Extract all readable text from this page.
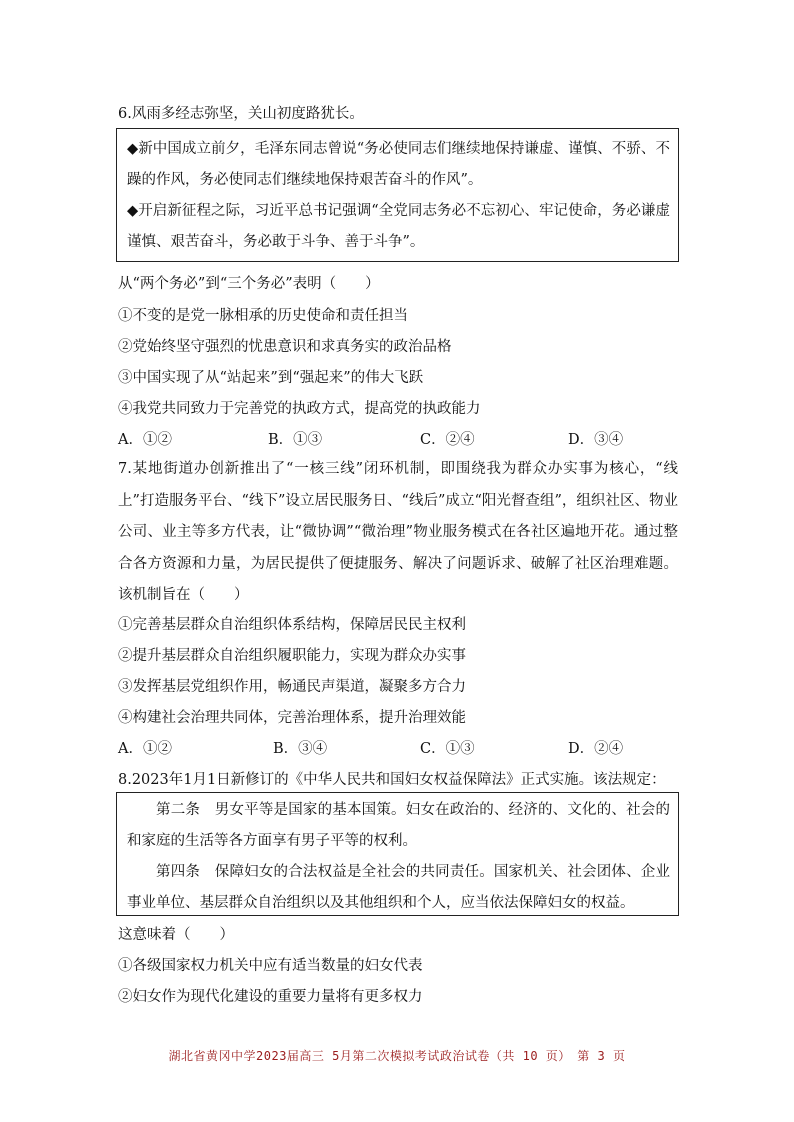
6.风雨多经志弥坚，关山初度路犹长。

◆新中国成立前夕，毛泽东同志曾说“务必使同志们继续地保持谦虚、谨慎、不骄、不躁的作风，务必使同志们继续地保持艰苦奋斗的作风”。

◆开启新征程之际，习近平总书记强调“全党同志务必不忘初心、牢记使命，务必谦虚谨慎、艰苦奋斗，务必敢于斗争、善于斗争”。

从“两个务必”到“三个务必”表明（　　）
①不变的是党一脉相承的历史使命和责任担当
②党始终坚守强烈的忧患意识和求真务实的政治品格
③中国实现了从“站起来”到“强起来”的伟大飞跃
④我党共同致力于完善党的执政方式，提高党的执政能力
A．①②	B．①③	C．②④	D．③④
7.某地街道办创新推出了“一核三线”闭环机制，即围绕我为群众办实事为核心，“线上”打造服务平台、“线下”设立居民服务日、“线后”成立“阳光督查组”，组织社区、物业公司、业主等多方代表，让“微协调”“微治理”物业服务模式在各社区遍地开花。通过整合各方资源和力量，为居民提供了便捷服务、解决了问题诉求、破解了社区治理难题。该机制旨在（　　）
①完善基层群众自治组织体系结构，保障居民民主权利
②提升基层群众自治组织履职能力，实现为群众办实事
③发挥基层党组织作用，畅通民声渠道，凝聚多方合力
④构建社会治理共同体，完善治理体系，提升治理效能
A．①②	B．③④	C．①③	D．②④
8.2023年1月1日新修订的《中华人民共和国妇女权益保障法》正式实施。该法规定：

第二条　男女平等是国家的基本国策。妇女在政治的、经济的、文化的、社会的和家庭的生活等各方面享有男子平等的权利。

第四条　保障妇女的合法权益是全社会的共同责任。国家机关、社会团体、企业事业单位、基层群众自治组织以及其他组织和个人，应当依法保障妇女的权益。

这意味着（　　）
①各级国家权力机关中应有适当数量的妇女代表
②妇女作为现代化建设的重要力量将有更多权力
湖北省黄冈中学2023届高三 5月第二次模拟考试政治试卷（共 10 页）　第 3 页
